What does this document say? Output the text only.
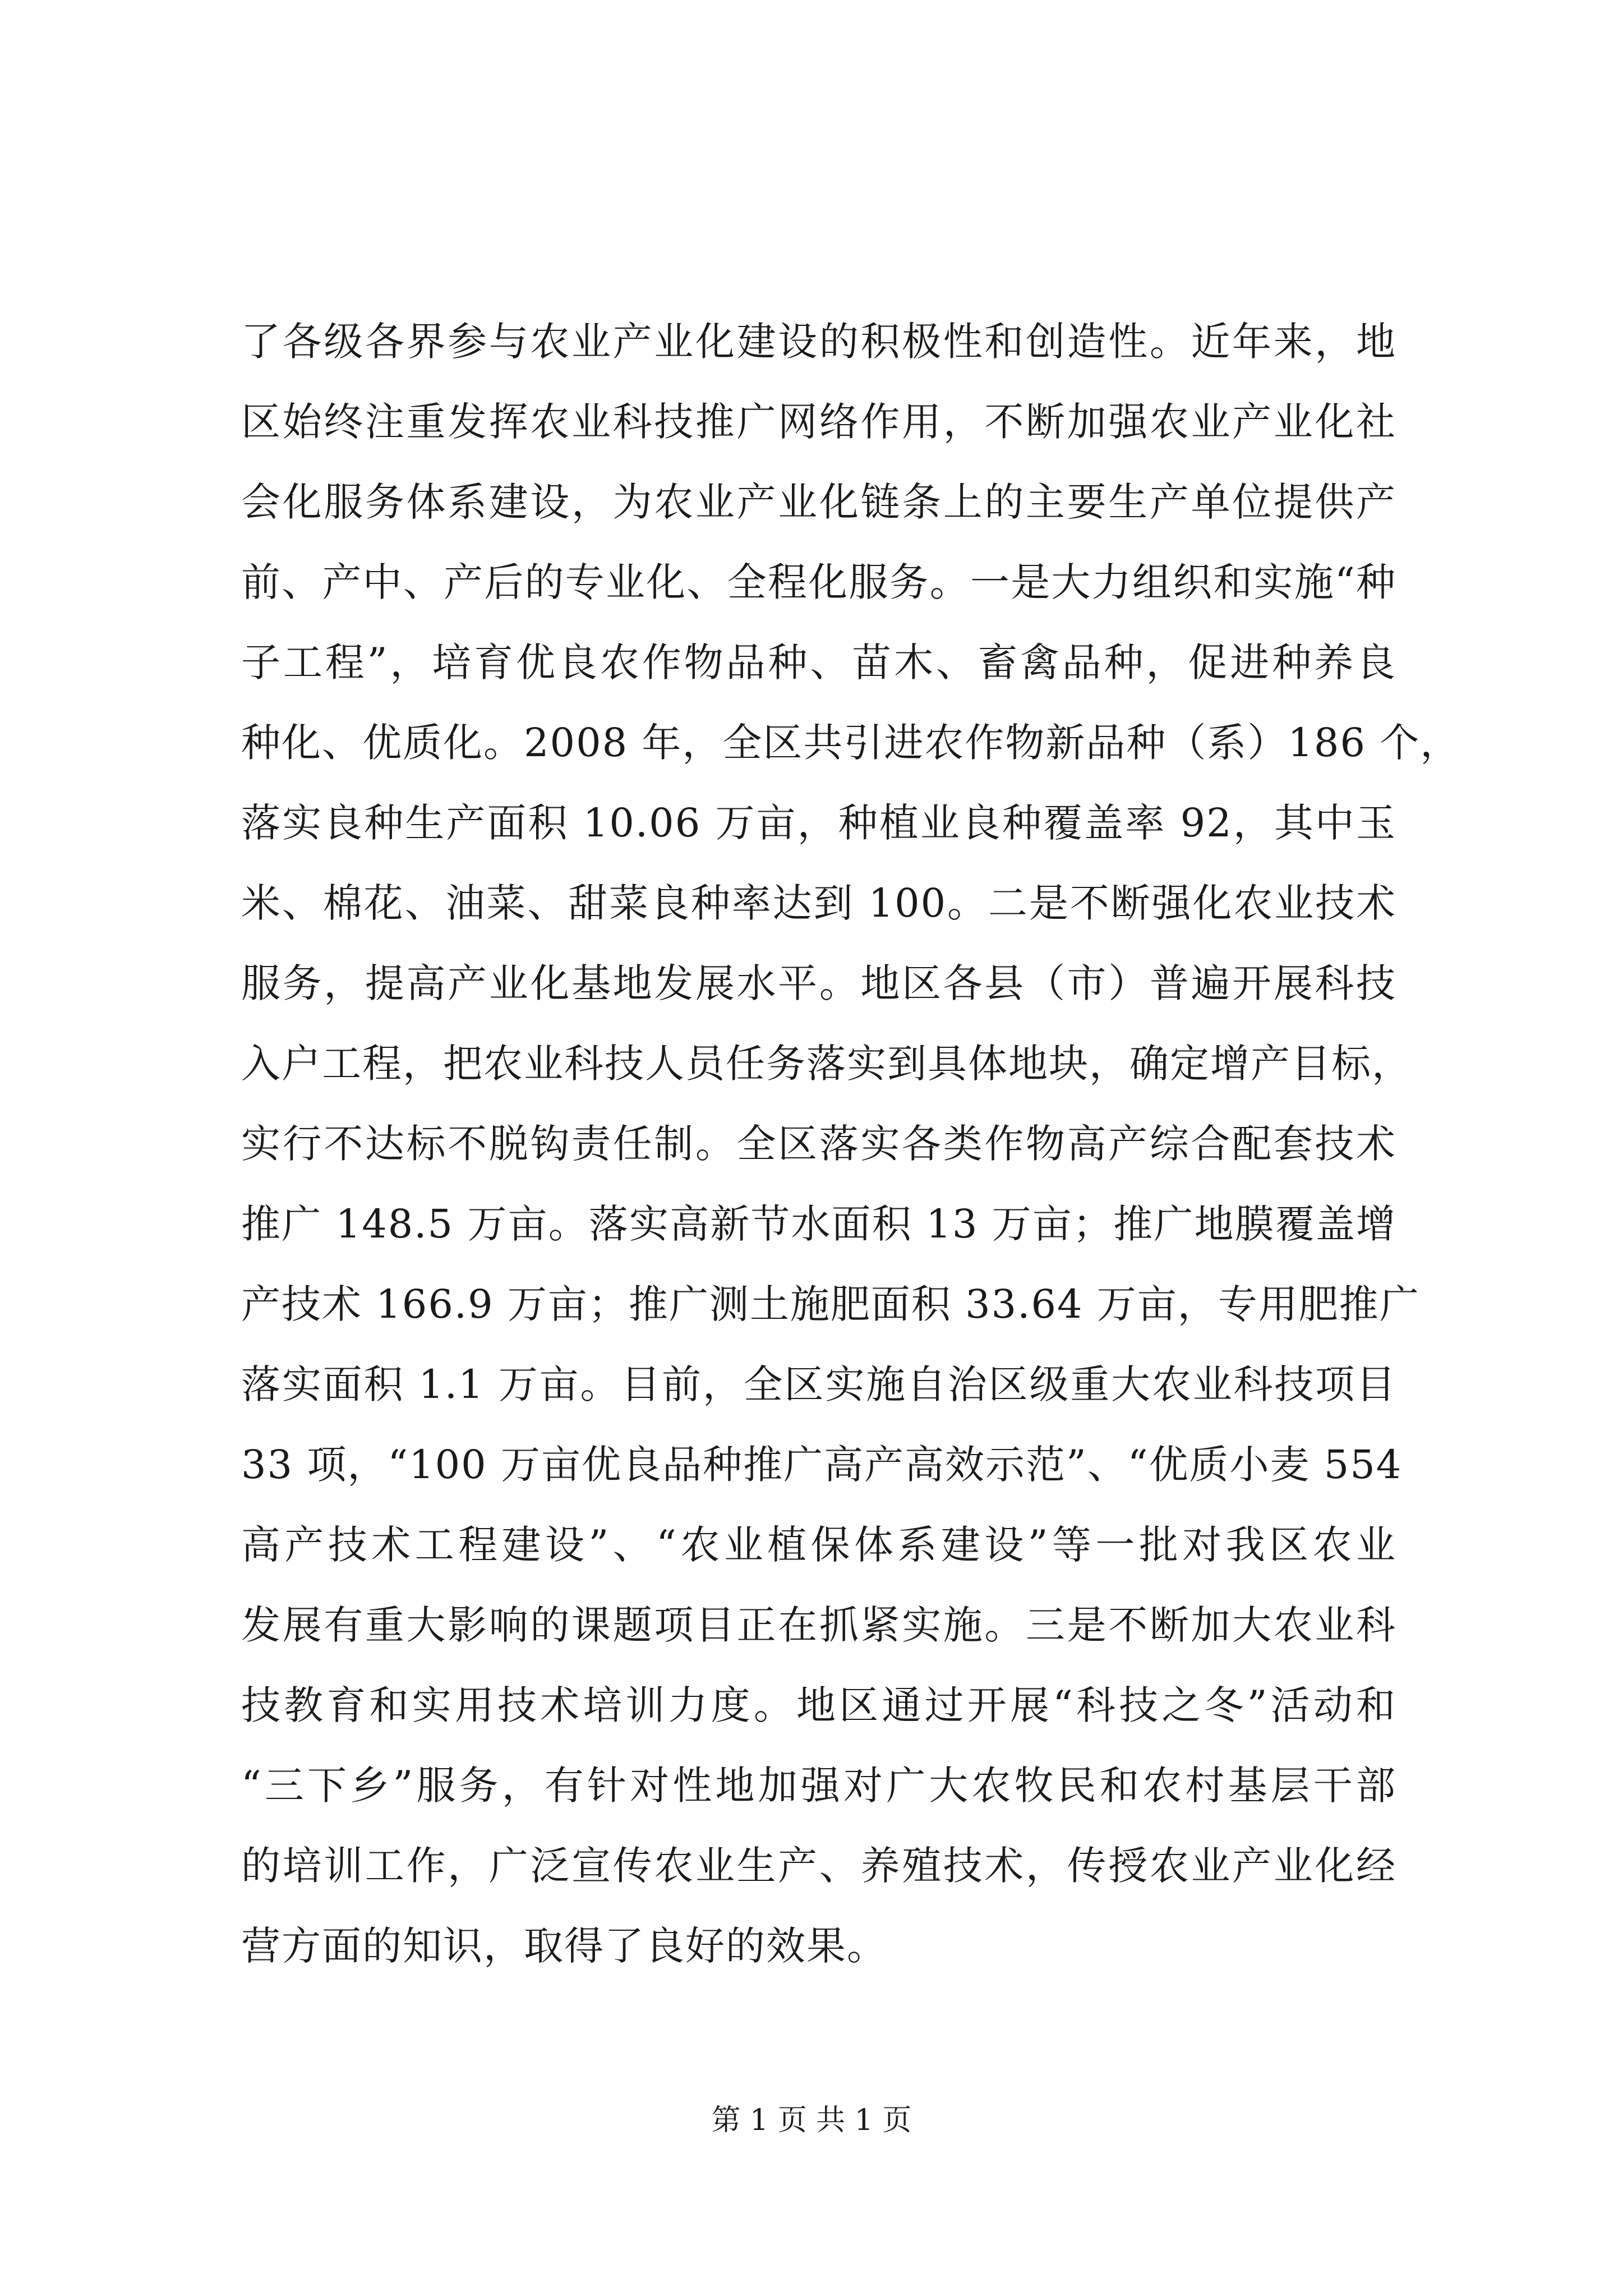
了各级各界参与农业产业化建设的积极性和创造性。近年来，地
区始终注重发挥农业科技推广网络作用，不断加强农业产业化社
会化服务体系建设，为农业产业化链条上的主要生产单位提供产
前、产中、产后的专业化、全程化服务。一是大力组织和实施“种
子工程”，培育优良农作物品种、苗木、畜禽品种，促进种养良
种化、优质化。2008 年，全区共引进农作物新品种（系）186 个，
落实良种生产面积 10.06 万亩，种植业良种覆盖率 92，其中玉
米、棉花、油菜、甜菜良种率达到 100。二是不断强化农业技术
服务，提高产业化基地发展水平。地区各县（市）普遍开展科技
入户工程，把农业科技人员任务落实到具体地块，确定增产目标，
实行不达标不脱钩责任制。全区落实各类作物高产综合配套技术
推广 148.5 万亩。落实高新节水面积 13 万亩；推广地膜覆盖增
产技术 166.9 万亩；推广测土施肥面积 33.64 万亩，专用肥推广
落实面积 1.1 万亩。目前，全区实施自治区级重大农业科技项目
33 项，“100 万亩优良品种推广高产高效示范”、“优质小麦 554
高产技术工程建设”、“农业植保体系建设”等一批对我区农业
发展有重大影响的课题项目正在抓紧实施。三是不断加大农业科
技教育和实用技术培训力度。地区通过开展“科技之冬”活动和
“三下乡”服务，有针对性地加强对广大农牧民和农村基层干部
的培训工作，广泛宣传农业生产、养殖技术，传授农业产业化经
营方面的知识，取得了良好的效果。
第 1 页 共 1 页
